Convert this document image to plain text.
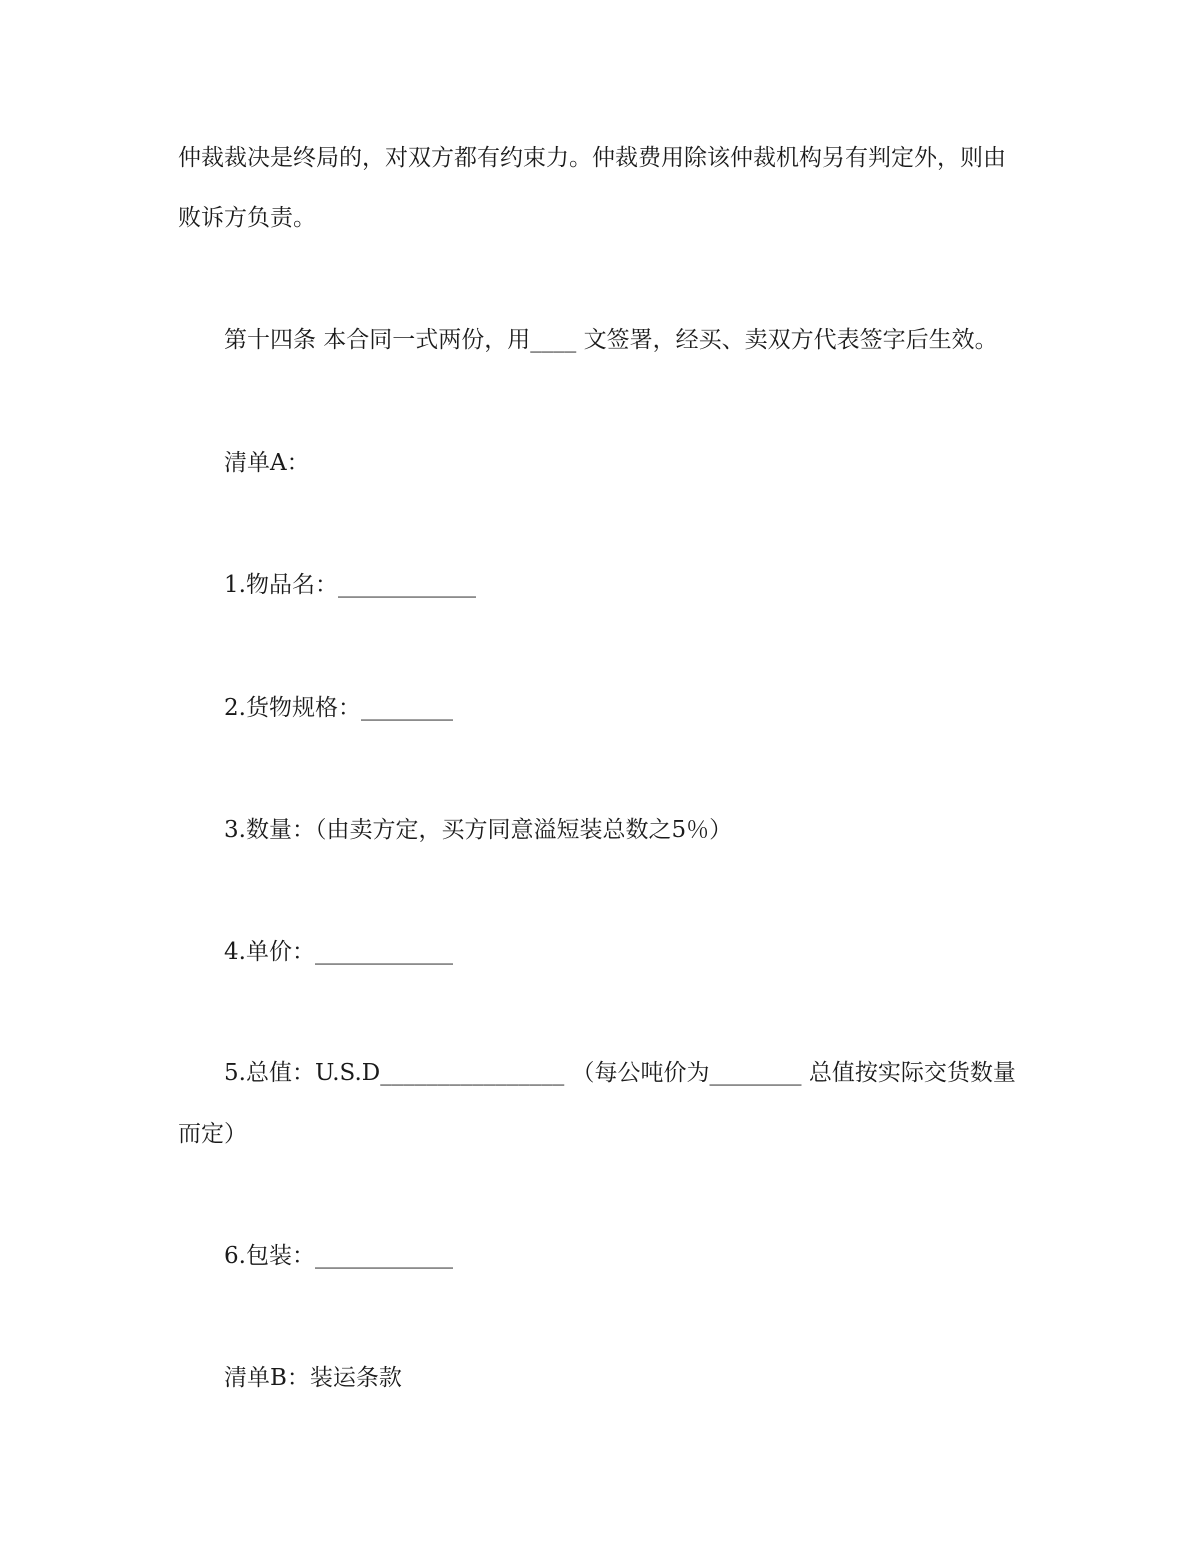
仲裁裁决是终局的，对双方都有约束力。仲裁费用除该仲裁机构另有判定外，则由
败诉方负责。
第十四条 本合同一式两份，用____ 文签署，经买、卖双方代表签字后生效。
清单A：
1.物品名：____________
2.货物规格：________
3.数量：（由卖方定，买方同意溢短装总数之5％）
4.单价：____________
5.总值：U.S.D________________ （每公吨价为________ 总值按实际交货数量
而定）
6.包装：____________
清单B：装运条款
